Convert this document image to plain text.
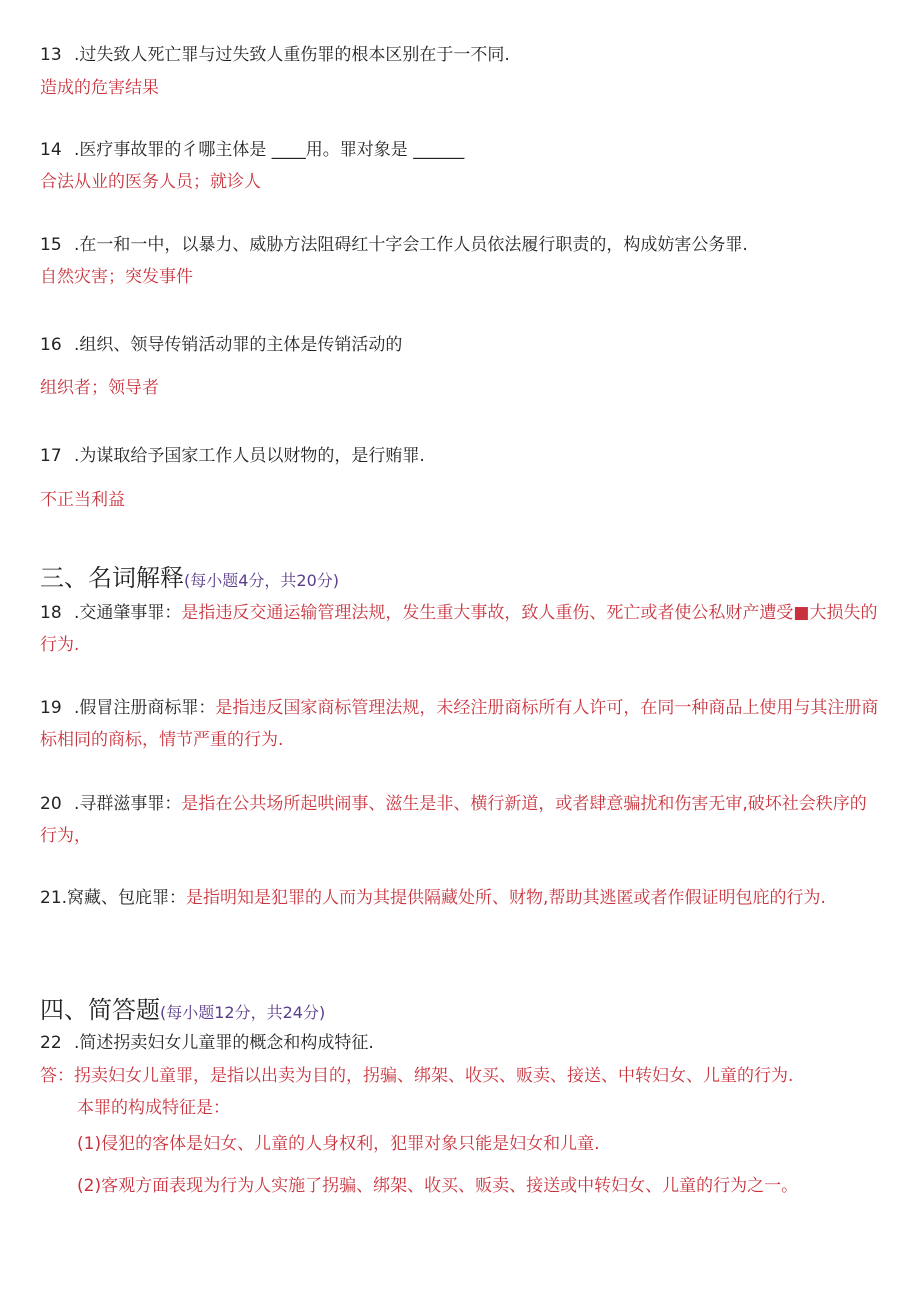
13 .过失致人死亡罪与过失致人重伤罪的根本区别在于一不同.
造成的危害结果
14 .医疗事故罪的彳哪主体是 ____用。罪对象是 ______
合法从业的医务人员；就诊人
15 .在一和一中，以暴力、威胁方法阻碍红十字会工作人员依法履行职责的，构成妨害公务罪.
自然灾害；突发事件
16 .组织、领导传销活动罪的主体是传销活动的
组织者；领导者
17 .为谋取给予国家工作人员以财物的，是行贿罪.
不正当利益
三、名词解释(每小题4分，共20分)
18 .交通肇事罪：是指违反交通运输管理法规，发生重大事故，致人重伤、死亡或者使公私财产遭受■大损失的行为.
19 .假冒注册商标罪：是指违反国家商标管理法规，未经注册商标所有人许可，在同一种商品上使用与其注册商标相同的商标，情节严重的行为.
20 .寻群滋事罪：是指在公共场所起哄闹事、滋生是非、横行新道，或者肆意骗扰和伤害无审,破坏社会秩序的行为，
21.窝藏、包庇罪：是指明知是犯罪的人而为其提供隔藏处所、财物,帮助其逃匿或者作假证明包庇的行为.
四、简答题(每小题12分，共24分)
22 .简述拐卖妇女儿童罪的概念和构成特征.
答：拐卖妇女儿童罪，是指以出卖为目的，拐骗、绑架、收买、贩卖、接送、中转妇女、儿童的行为.
本罪的构成特征是：
(1)侵犯的客体是妇女、儿童的人身权利，犯罪对象只能是妇女和儿童.
(2)客观方面表现为行为人实施了拐骗、绑架、收买、贩卖、接送或中转妇女、儿童的行为之一。
